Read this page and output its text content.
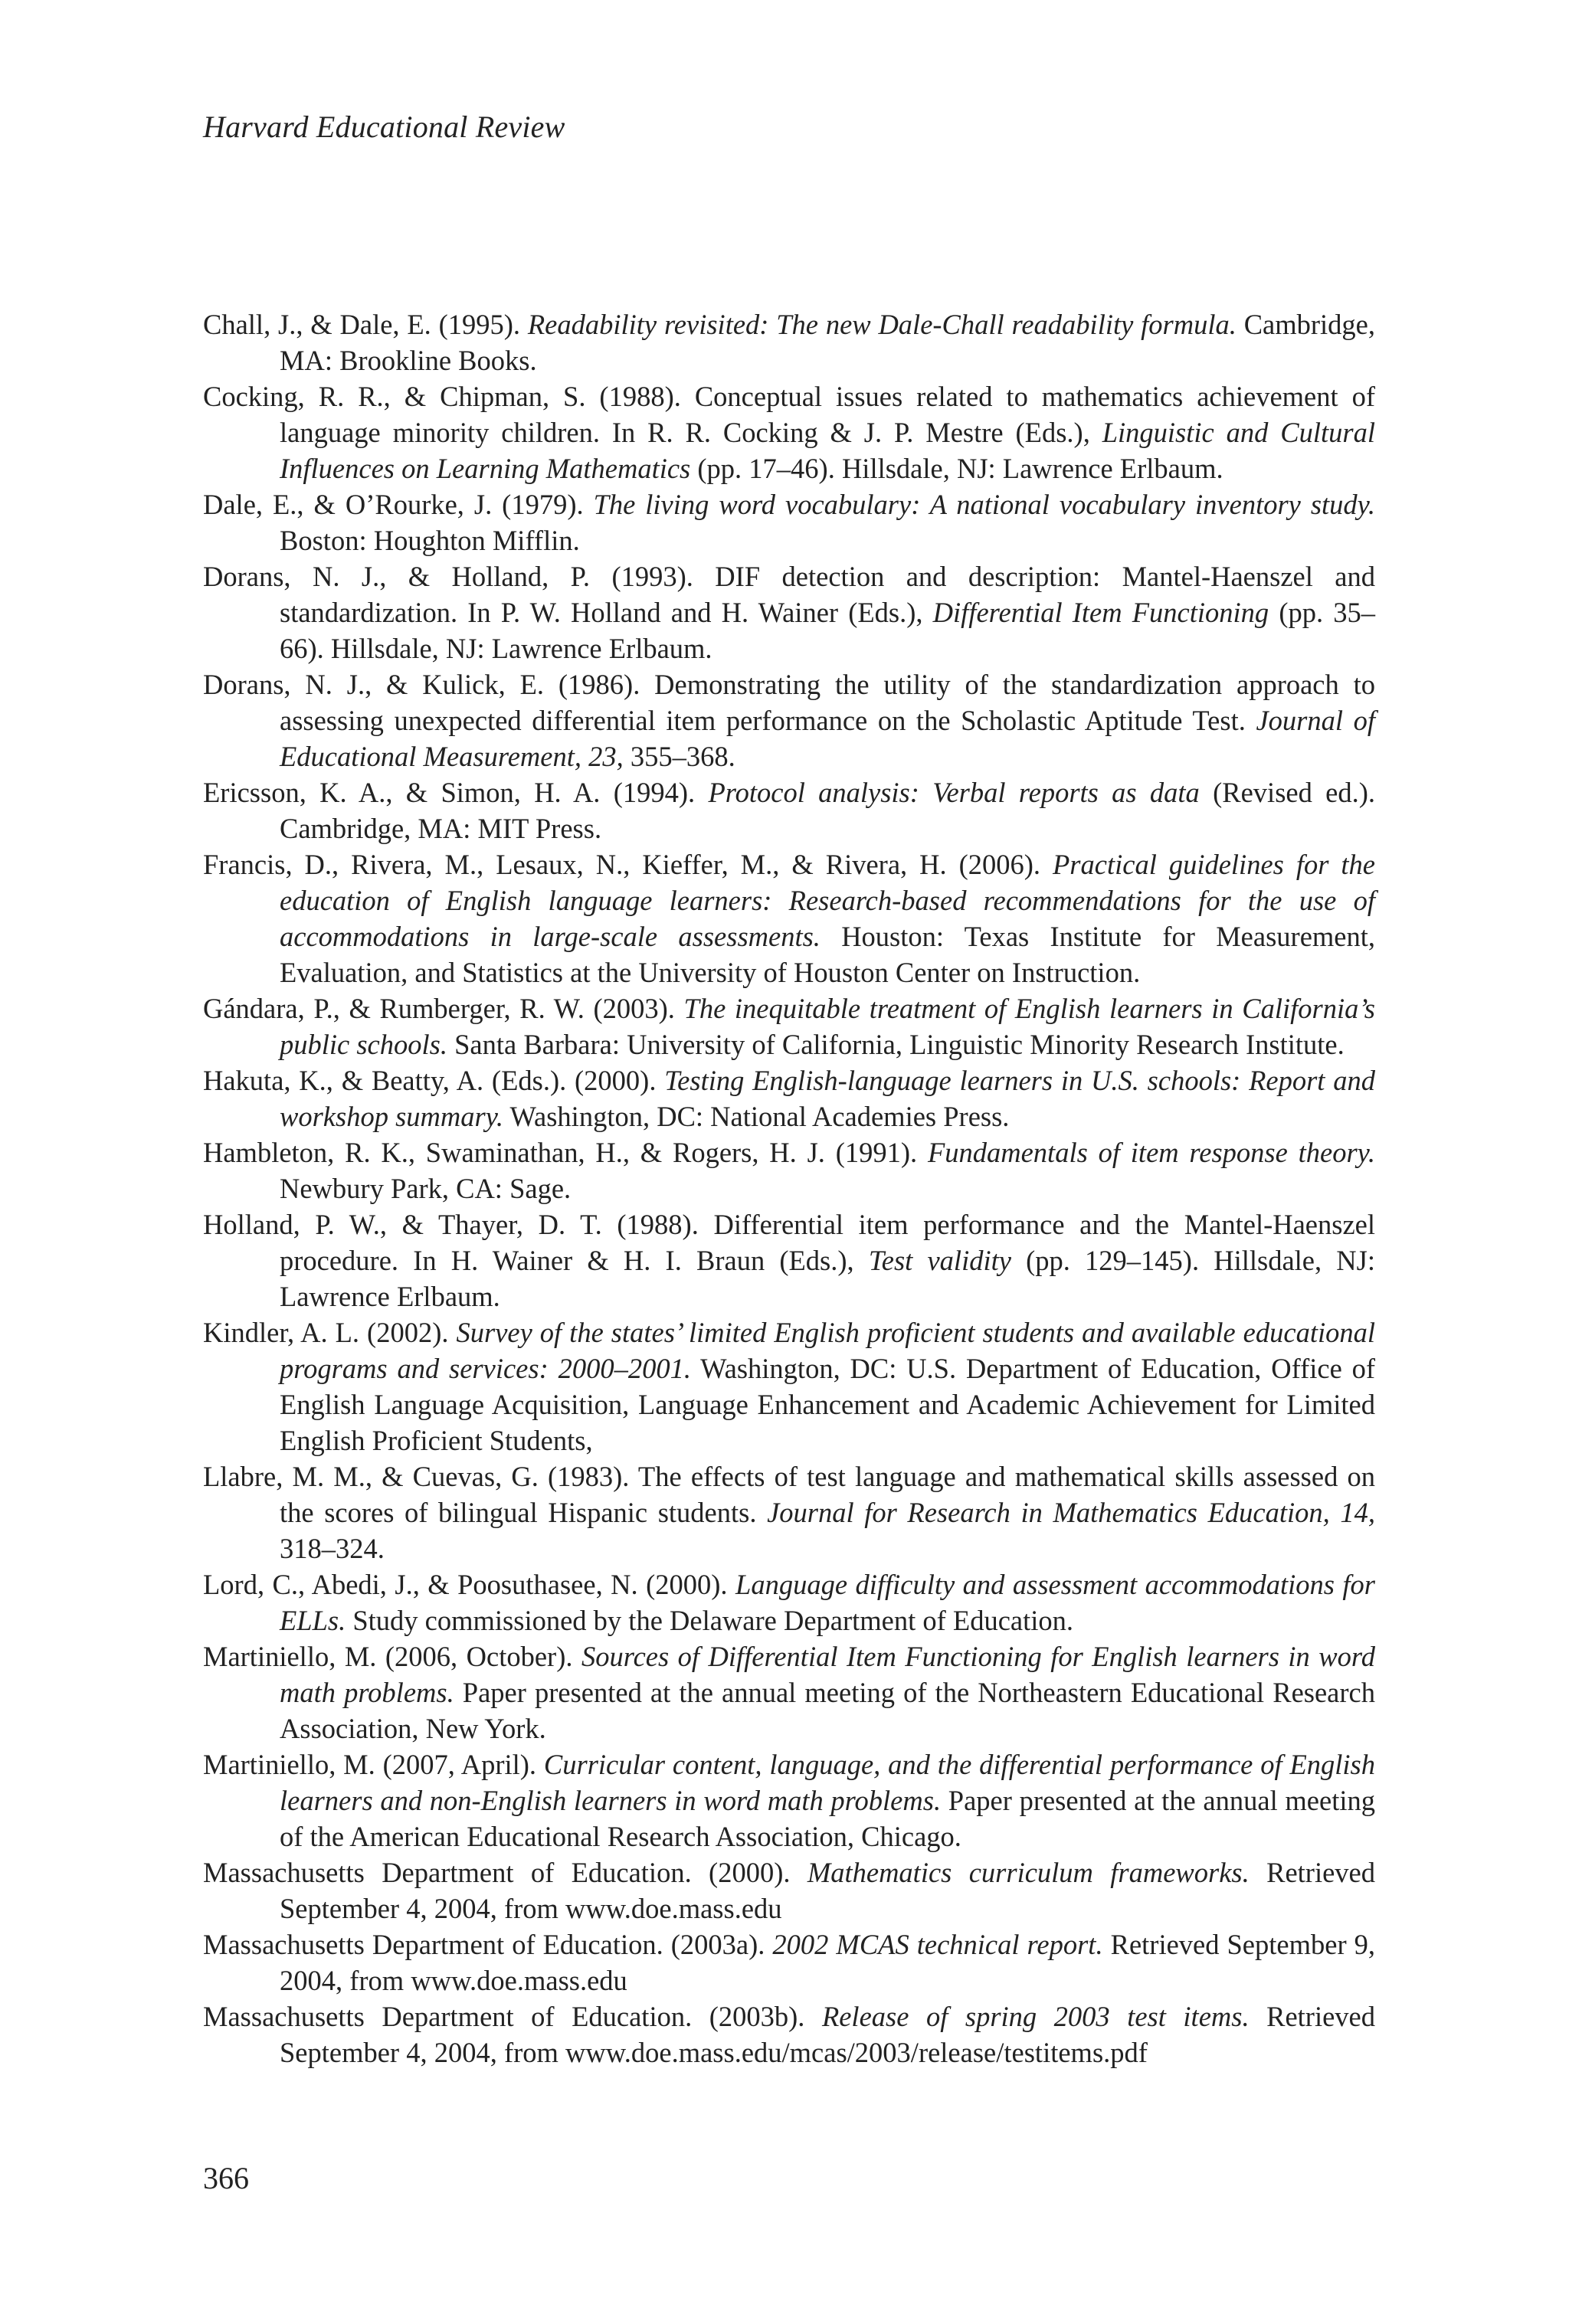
Harvard Educational Review
Chall, J., & Dale, E. (1995). Readability revisited: The new Dale-Chall readability formula. Cambridge, MA: Brookline Books.
Cocking, R. R., & Chipman, S. (1988). Conceptual issues related to mathematics achievement of language minority children. In R. R. Cocking & J. P. Mestre (Eds.), Linguistic and Cultural Influences on Learning Mathematics (pp. 17–46). Hillsdale, NJ: Lawrence Erlbaum.
Dale, E., & O’Rourke, J. (1979). The living word vocabulary: A national vocabulary inventory study. Boston: Houghton Mifflin.
Dorans, N. J., & Holland, P. (1993). DIF detection and description: Mantel-Haenszel and standardization. In P. W. Holland and H. Wainer (Eds.), Differential Item Functioning (pp. 35–66). Hillsdale, NJ: Lawrence Erlbaum.
Dorans, N. J., & Kulick, E. (1986). Demonstrating the utility of the standardization approach to assessing unexpected differential item performance on the Scholastic Aptitude Test. Journal of Educational Measurement, 23, 355–368.
Ericsson, K. A., & Simon, H. A. (1994). Protocol analysis: Verbal reports as data (Revised ed.). Cambridge, MA: MIT Press.
Francis, D., Rivera, M., Lesaux, N., Kieffer, M., & Rivera, H. (2006). Practical guidelines for the education of English language learners: Research-based recommendations for the use of accommodations in large-scale assessments. Houston: Texas Institute for Measurement, Evaluation, and Statistics at the University of Houston Center on Instruction.
Gándara, P., & Rumberger, R. W. (2003). The inequitable treatment of English learners in California’s public schools. Santa Barbara: University of California, Linguistic Minority Research Institute.
Hakuta, K., & Beatty, A. (Eds.). (2000). Testing English-language learners in U.S. schools: Report and workshop summary. Washington, DC: National Academies Press.
Hambleton, R. K., Swaminathan, H., & Rogers, H. J. (1991). Fundamentals of item response theory. Newbury Park, CA: Sage.
Holland, P. W., & Thayer, D. T. (1988). Differential item performance and the Mantel-Haenszel procedure. In H. Wainer & H. I. Braun (Eds.), Test validity (pp. 129–145). Hillsdale, NJ: Lawrence Erlbaum.
Kindler, A. L. (2002). Survey of the states’ limited English proficient students and available educational programs and services: 2000–2001. Washington, DC: U.S. Department of Education, Office of English Language Acquisition, Language Enhancement and Academic Achievement for Limited English Proficient Students,
Llabre, M. M., & Cuevas, G. (1983). The effects of test language and mathematical skills assessed on the scores of bilingual Hispanic students. Journal for Research in Mathematics Education, 14, 318–324.
Lord, C., Abedi, J., & Poosuthasee, N. (2000). Language difficulty and assessment accommodations for ELLs. Study commissioned by the Delaware Department of Education.
Martiniello, M. (2006, October). Sources of Differential Item Functioning for English learners in word math problems. Paper presented at the annual meeting of the Northeastern Educational Research Association, New York.
Martiniello, M. (2007, April). Curricular content, language, and the differential performance of English learners and non-English learners in word math problems. Paper presented at the annual meeting of the American Educational Research Association, Chicago.
Massachusetts Department of Education. (2000). Mathematics curriculum frameworks. Retrieved September 4, 2004, from www.doe.mass.edu
Massachusetts Department of Education. (2003a). 2002 MCAS technical report. Retrieved September 9, 2004, from www.doe.mass.edu
Massachusetts Department of Education. (2003b). Release of spring 2003 test items. Retrieved September 4, 2004, from www.doe.mass.edu/mcas/2003/release/testitems.pdf
366
